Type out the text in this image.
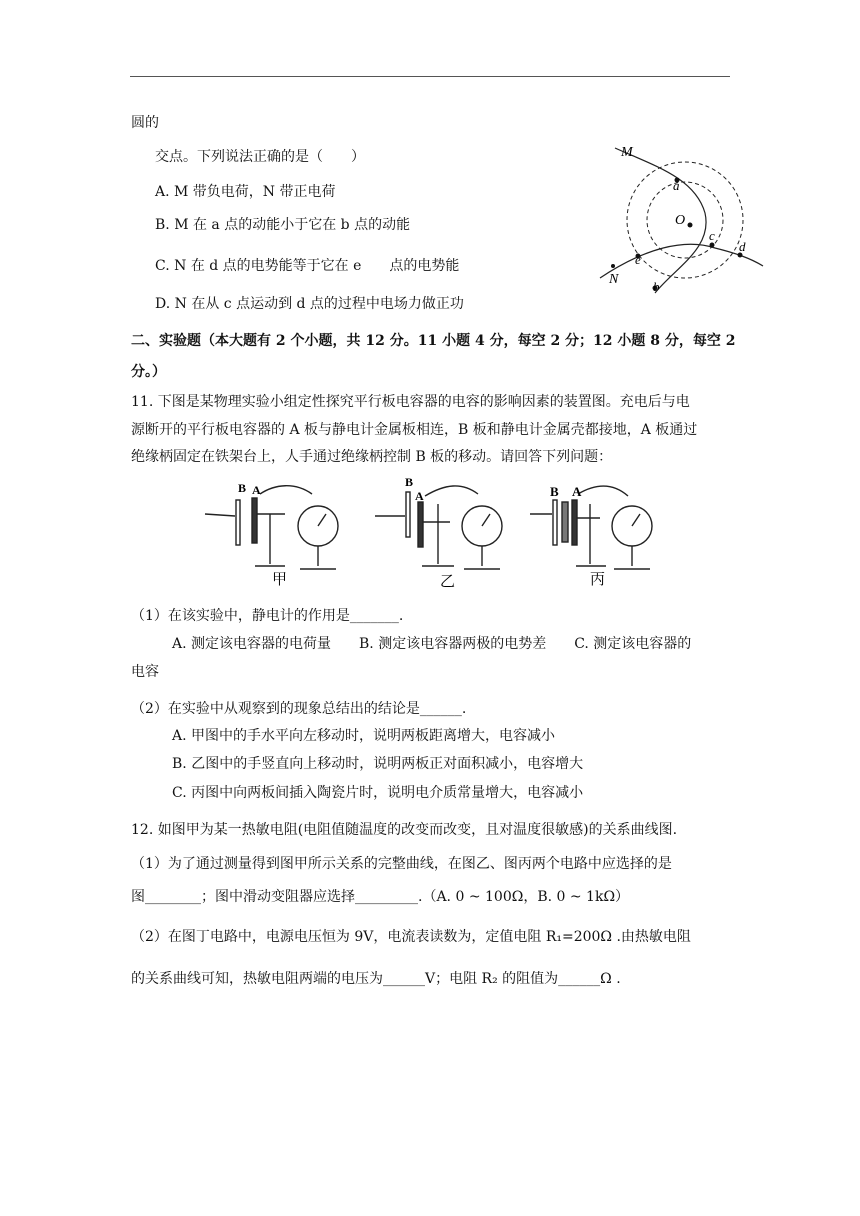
圆的
交点。下列说法正确的是（　　）
A. M 带负电荷，N 带正电荷
B. M 在 a 点的动能小于它在 b 点的动能
C. N 在 d 点的电势能等于它在 e　　点的电势能
D. N 在从 c 点运动到 d 点的过程中电场力做正功
M
a
O
c
d
e
N	b
二、实验题（本大题有 2 个小题，共 12 分。11 小题 4 分，每空 2 分；12 小题 8 分，每空 2
分。）
11. 下图是某物理实验小组定性探究平行板电容器的电容的影响因素的装置图。充电后与电
源断开的平行板电容器的 A 板与静电计金属板相连，B 板和静电计金属壳都接地，A 板通过
绝缘柄固定在铁架台上，人手通过绝缘柄控制 B 板的移动。请回答下列问题：
B A
B
A	B A
甲	乙	丙
（1）在该实验中，静电计的作用是_______.
A. 测定该电容器的电荷量　　B. 测定该电容器两极的电势差　　C. 测定该电容器的
电容
（2）在实验中从观察到的现象总结出的结论是______.
A. 甲图中的手水平向左移动时，说明两板距离增大，电容减小
B. 乙图中的手竖直向上移动时，说明两板正对面积减小，电容增大
C. 丙图中向两板间插入陶瓷片时，说明电介质常量增大，电容减小
12. 如图甲为某一热敏电阻(电阻值随温度的改变而改变，且对温度很敏感)的关系曲线图.
（1）为了通过测量得到图甲所示关系的完整曲线，在图乙、图丙两个电路中应选择的是
图________；图中滑动变阻器应选择_________.（A. 0 ~ 100Ω，B. 0 ~ 1kΩ）
（2）在图丁电路中，电源电压恒为 9V，电流表读数为，定值电阻 R₁=200Ω .由热敏电阻
的关系曲线可知，热敏电阻两端的电压为______V；电阻 R₂ 的阻值为______Ω .
